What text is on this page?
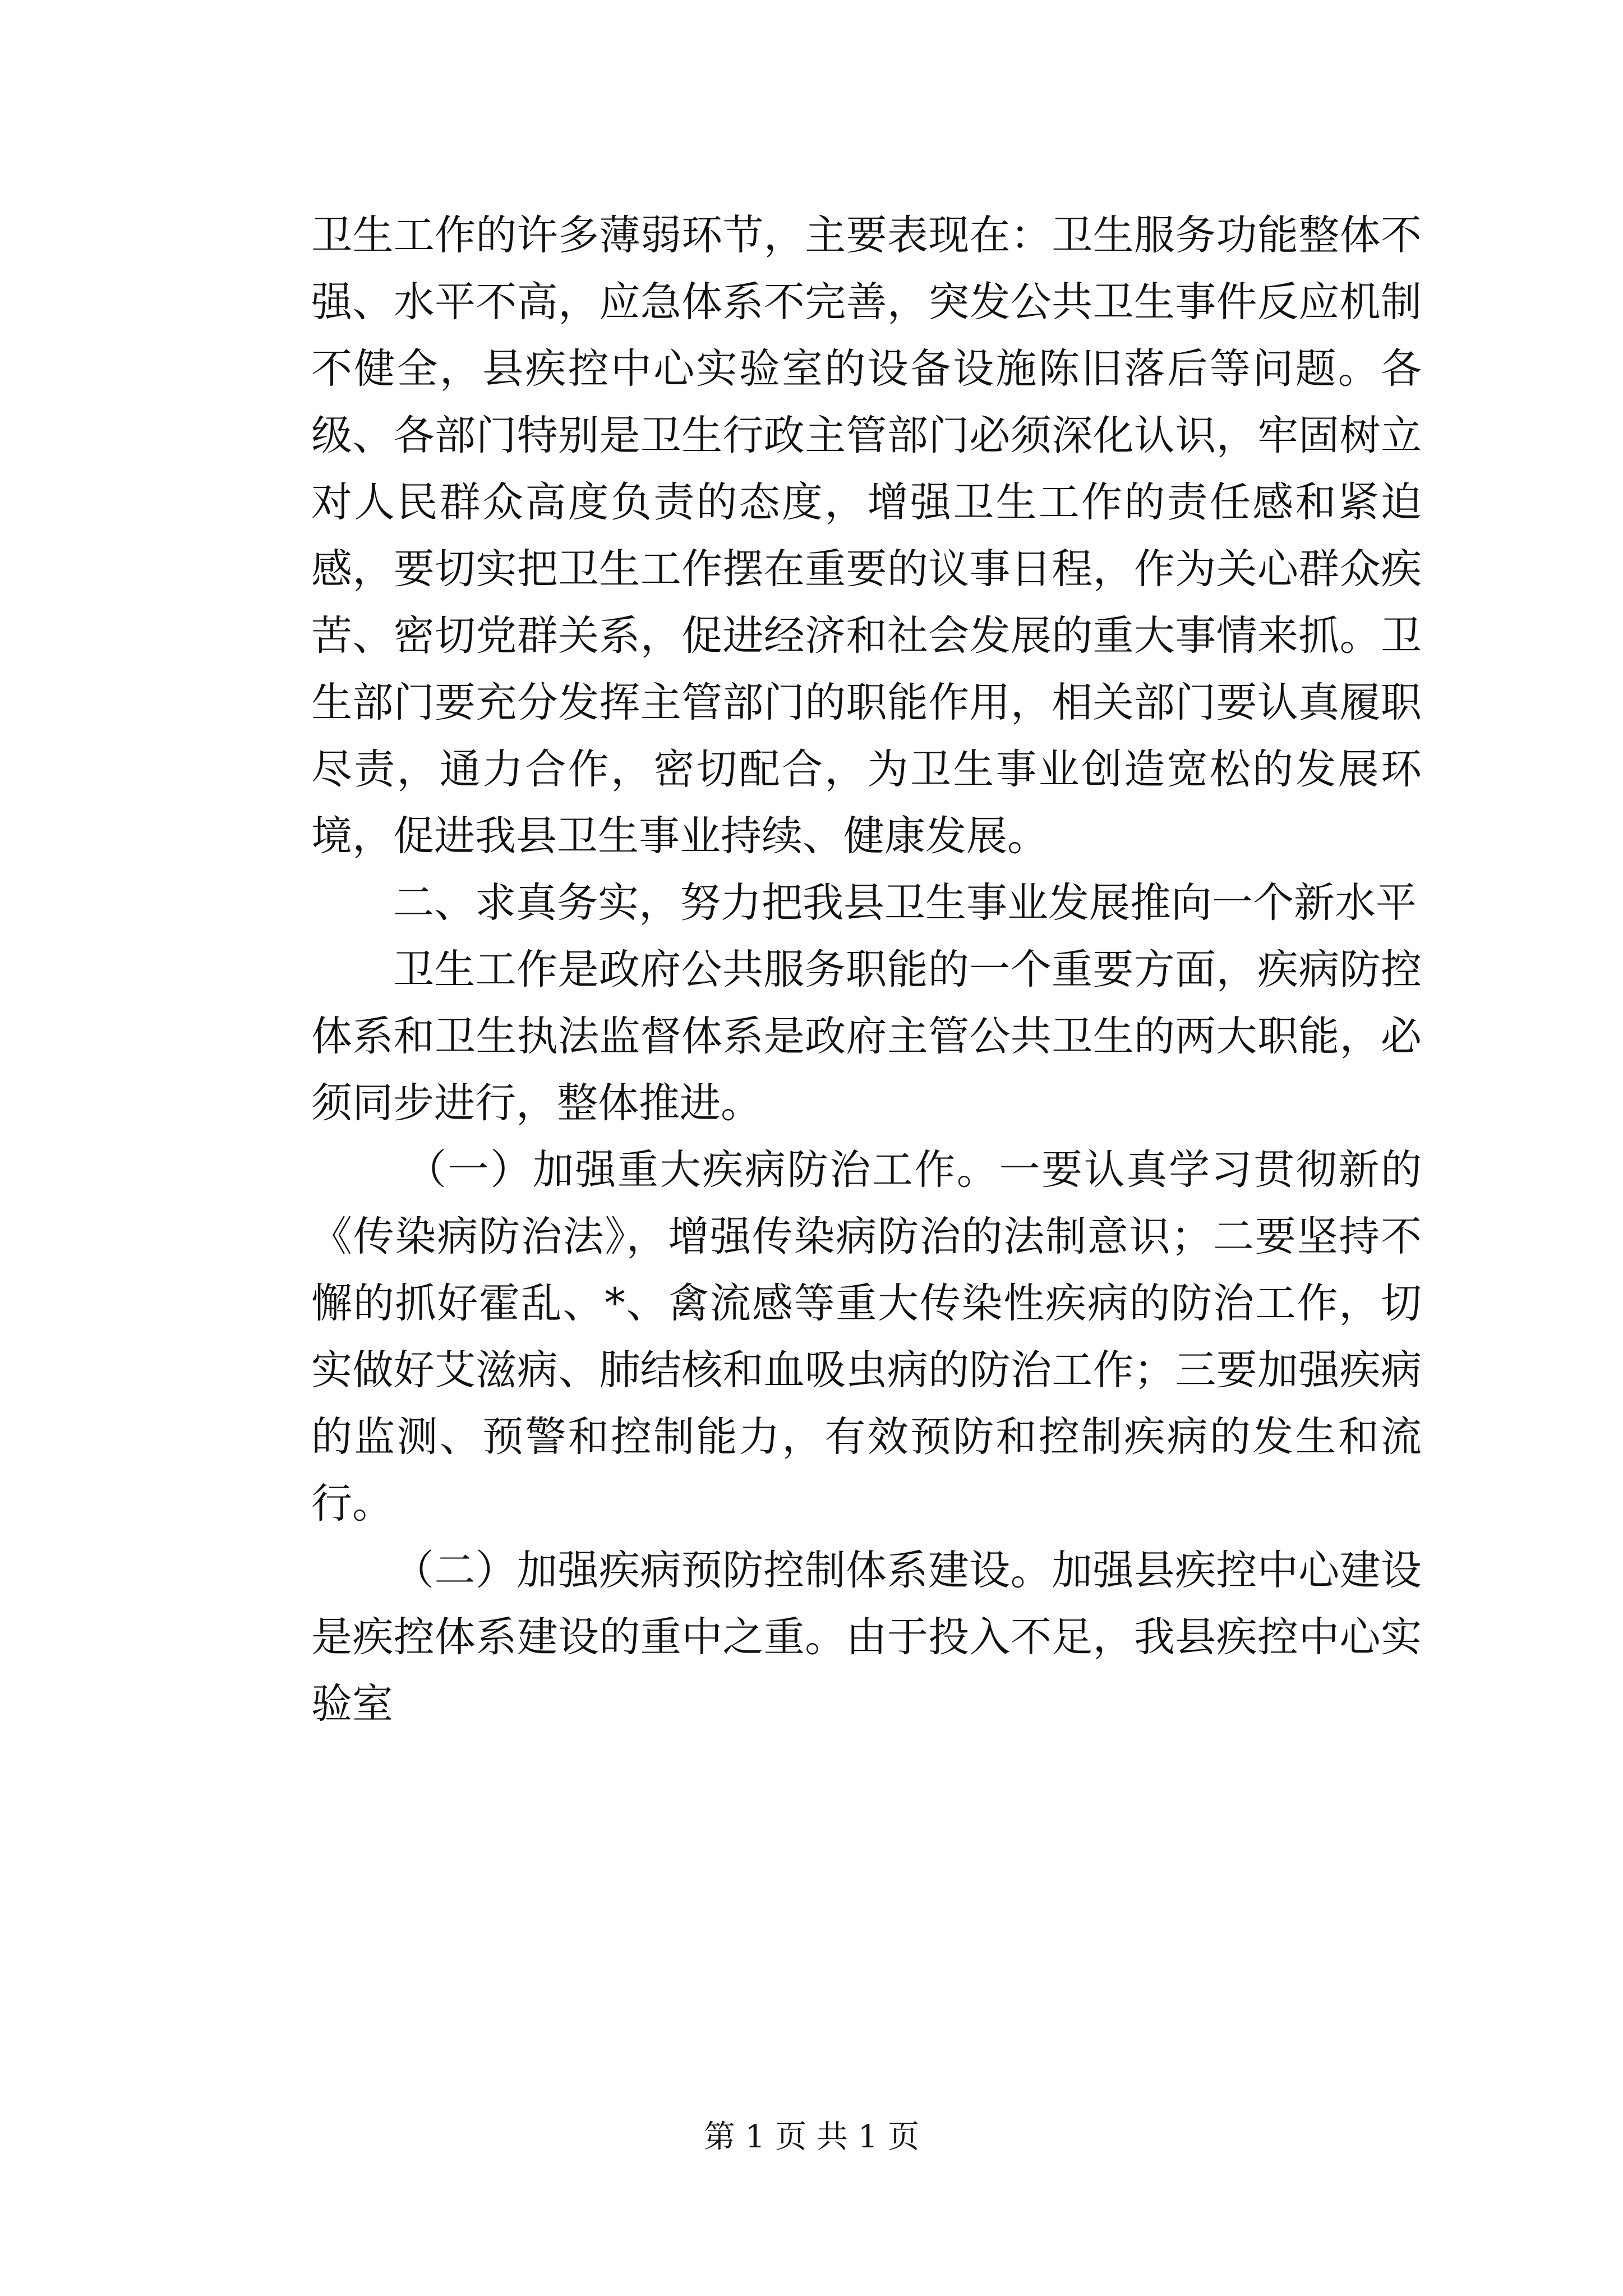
卫生工作的许多薄弱环节，主要表现在：卫生服务功能整体不强、水平不高，应急体系不完善，突发公共卫生事件反应机制不健全，县疾控中心实验室的设备设施陈旧落后等问题。各级、各部门特别是卫生行政主管部门必须深化认识，牢固树立对人民群众高度负责的态度，增强卫生工作的责任感和紧迫感，要切实把卫生工作摆在重要的议事日程，作为关心群众疾苦、密切党群关系，促进经济和社会发展的重大事情来抓。卫生部门要充分发挥主管部门的职能作用，相关部门要认真履职尽责，通力合作，密切配合，为卫生事业创造宽松的发展环境，促进我县卫生事业持续、健康发展。

二、求真务实，努力把我县卫生事业发展推向一个新水平

卫生工作是政府公共服务职能的一个重要方面，疾病防控体系和卫生执法监督体系是政府主管公共卫生的两大职能，必须同步进行，整体推进。

（一）加强重大疾病防治工作。一要认真学习贯彻新的《传染病防治法》，增强传染病防治的法制意识；二要坚持不懈的抓好霍乱、*、禽流感等重大传染性疾病的防治工作，切实做好艾滋病、肺结核和血吸虫病的防治工作；三要加强疾病的监测、预警和控制能力，有效预防和控制疾病的发生和流行。

（二）加强疾病预防控制体系建设。加强县疾控中心建设是疾控体系建设的重中之重。由于投入不足，我县疾控中心实验室

第 1 页 共 1 页
